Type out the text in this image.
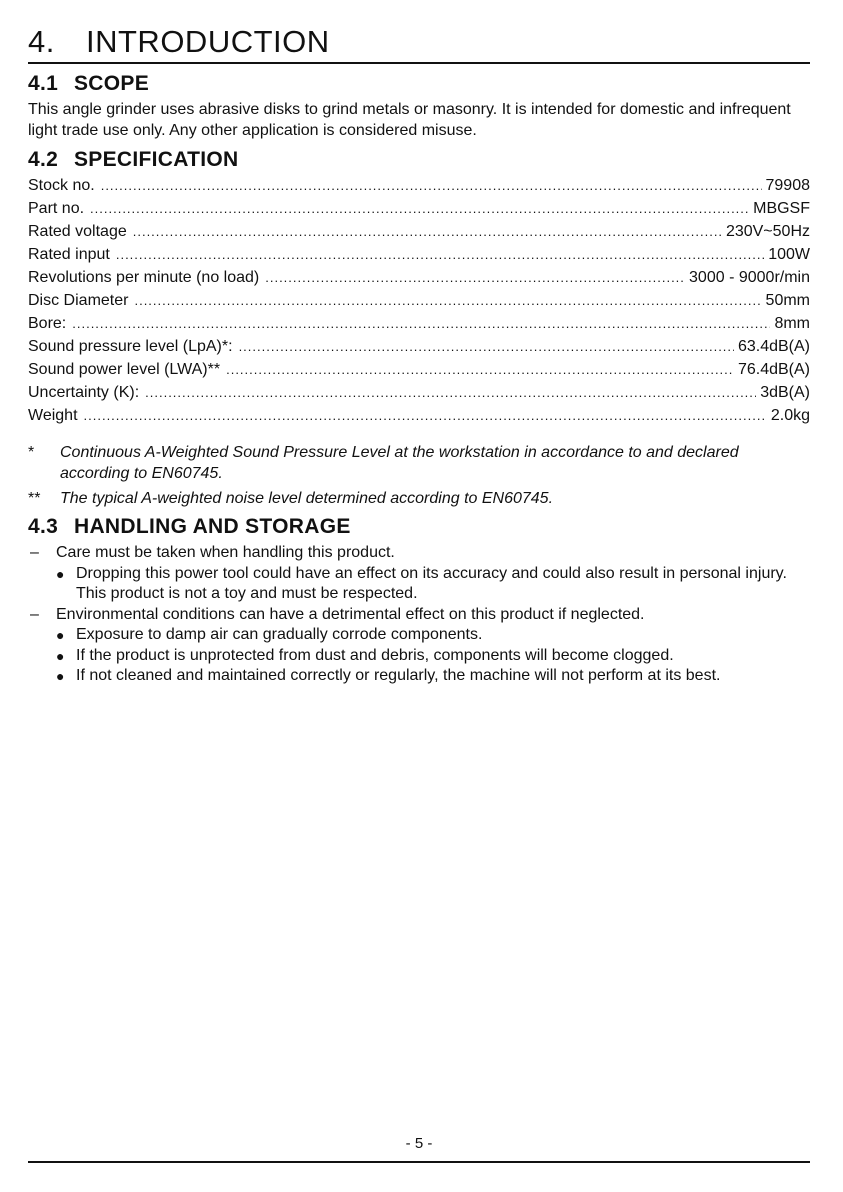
4. INTRODUCTION
4.1 SCOPE
This angle grinder uses abrasive disks to grind metals or masonry. It is intended for domestic and infrequent light trade use only. Any other application is considered misuse.
4.2 SPECIFICATION
Stock no. .....	79908
Part no. .....	MBGSF
Rated voltage .....	230V~50Hz
Rated input .....	100W
Revolutions per minute (no load) .....	3000 - 9000r/min
Disc Diameter .....	50mm
Bore: .....	8mm
Sound pressure level (LpA)*: .....	63.4dB(A)
Sound power level (LWA)** .....	76.4dB(A)
Uncertainty (K): .....	3dB(A)
Weight .....	2.0kg
* Continuous A-Weighted Sound Pressure Level at the workstation in accordance to and declared according to EN60745.
** The typical A-weighted noise level determined according to EN60745.
4.3 HANDLING AND STORAGE
– Care must be taken when handling this product.
● Dropping this power tool could have an effect on its accuracy and could also result in personal injury. This product is not a toy and must be respected.
– Environmental conditions can have a detrimental effect on this product if neglected.
● Exposure to damp air can gradually corrode components.
● If the product is unprotected from dust and debris, components will become clogged.
● If not cleaned and maintained correctly or regularly, the machine will not perform at its best.
- 5 -
